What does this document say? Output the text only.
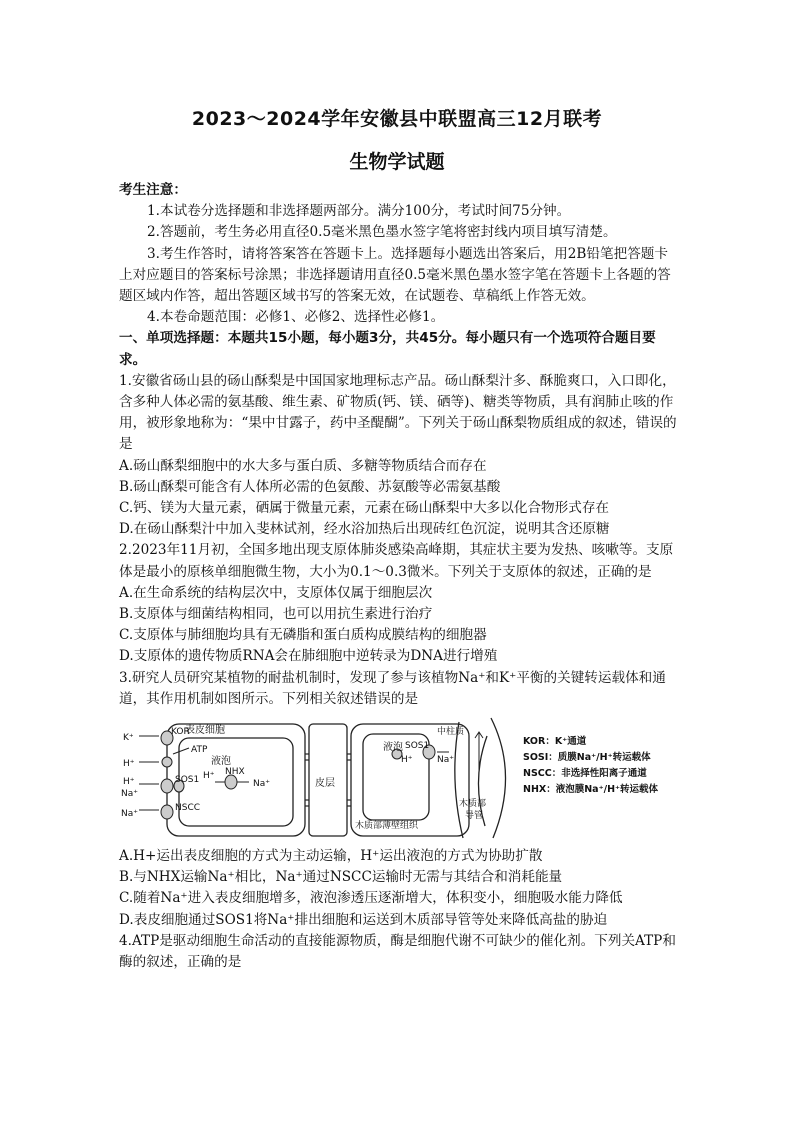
2023～2024学年安徽县中联盟高三12月联考
生物学试题

考生注意：

1.本试卷分选择题和非选择题两部分。满分100分，考试时间75分钟。

2.答题前，考生务必用直径0.5毫米黑色墨水签字笔将密封线内项目填写清楚。

3.考生作答时，请将答案答在答题卡上。选择题每小题选出答案后，用2B铅笔把答题卡上对应题目的答案标号涂黑；非选择题请用直径0.5毫米黑色墨水签字笔在答题卡上各题的答题区域内作答，超出答题区域书写的答案无效，在试题卷、草稿纸上作答无效。

4.本卷命题范围：必修1、必修2、选择性必修1。

一、单项选择题：本题共15小题，每小题3分，共45分。每小题只有一个选项符合题目要求。

1.安徽省砀山县的砀山酥梨是中国国家地理标志产品。砀山酥梨汁多、酥脆爽口，入口即化，含多种人体必需的氨基酸、维生素、矿物质(钙、镁、硒等)、糖类等物质，具有润肺止咳的作用，被形象地称为：“果中甘露子，药中圣醍醐”。下列关于砀山酥梨物质组成的叙述，错误的是

A.砀山酥梨细胞中的水大多与蛋白质、多糖等物质结合而存在

B.砀山酥梨可能含有人体所必需的色氨酸、苏氨酸等必需氨基酸

C.钙、镁为大量元素，硒属于微量元素，元素在砀山酥梨中大多以化合物形式存在

D.在砀山酥梨汁中加入斐林试剂，经水浴加热后出现砖红色沉淀，说明其含还原糖

2.2023年11月初，全国多地出现支原体肺炎感染高峰期，其症状主要为发热、咳嗽等。支原体是最小的原核单细胞微生物，大小为0.1～0.3微米。下列关于支原体的叙述，正确的是

A.在生命系统的结构层次中，支原体仅属于细胞层次

B.支原体与细菌结构相同，也可以用抗生素进行治疗

C.支原体与肺细胞均具有无磷脂和蛋白质构成膜结构的细胞器

D.支原体的遗传物质RNA会在肺细胞中逆转录为DNA进行增殖

3.研究人员研究某植物的耐盐机制时，发现了参与该植物Na⁺和K⁺平衡的关键转运载体和通道，其作用机制如图所示。下列相关叙述错误的是

表皮细胞
液泡
液泡
皮层
木质部薄壁组织
中柱质
木质部
导管
KOR
ATP
SOS1
SOS1
NHX
NSCC
K⁺
H⁺
H⁺
H⁺
H⁺
Na⁺
Na⁺
Na⁺
Na⁺
KOR：K⁺通道
SOSI：质膜Na⁺/H⁺转运载体
NSCC：非选择性阳离子通道
NHX：液泡膜Na⁺/H⁺转运载体

A.H+运出表皮细胞的方式为主动运输，H⁺运出液泡的方式为协助扩散

B.与NHX运输Na⁺相比，Na⁺通过NSCC运输时无需与其结合和消耗能量

C.随着Na⁺进入表皮细胞增多，液泡渗透压逐渐增大，体积变小，细胞吸水能力降低

D.表皮细胞通过SOS1将Na⁺排出细胞和运送到木质部导管等处来降低高盐的胁迫

4.ATP是驱动细胞生命活动的直接能源物质，酶是细胞代谢不可缺少的催化剂。下列关ATP和酶的叙述，正确的是
